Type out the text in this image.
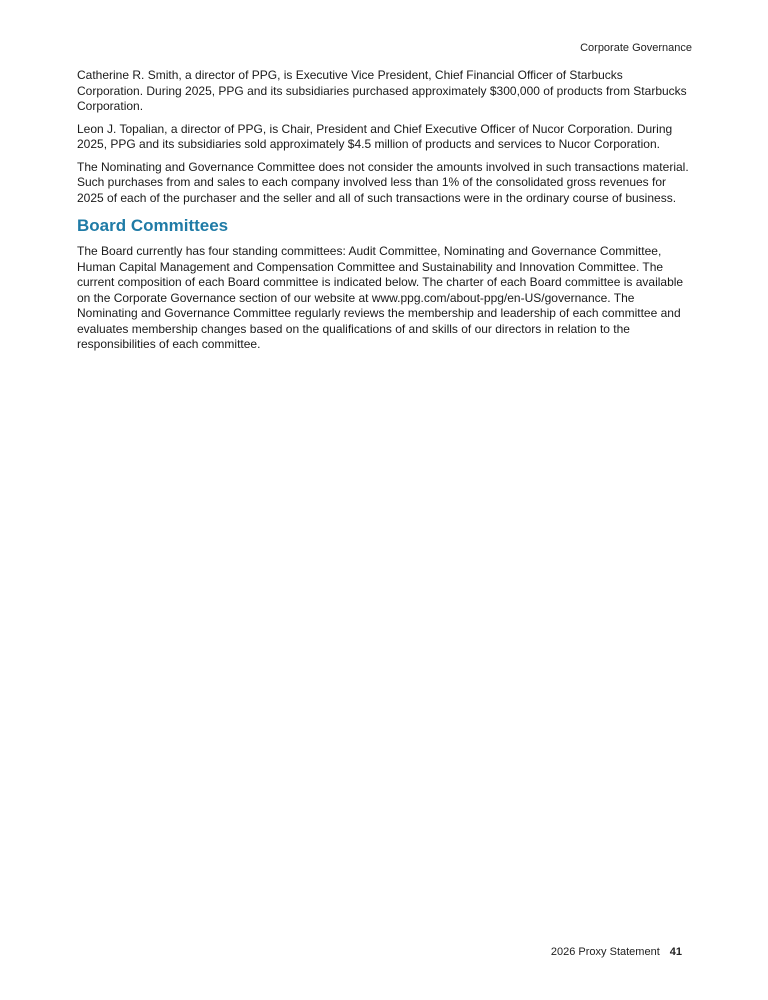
Corporate Governance

Catherine R. Smith, a director of PPG, is Executive Vice President, Chief Financial Officer of Starbucks Corporation. During 2025, PPG and its subsidiaries purchased approximately $300,000 of products from Starbucks Corporation.

Leon J. Topalian, a director of PPG, is Chair, President and Chief Executive Officer of Nucor Corporation. During 2025, PPG and its subsidiaries sold approximately $4.5 million of products and services to Nucor Corporation.

The Nominating and Governance Committee does not consider the amounts involved in such transactions material. Such purchases from and sales to each company involved less than 1% of the consolidated gross revenues for 2025 of each of the purchaser and the seller and all of such transactions were in the ordinary course of business.

Board Committees

The Board currently has four standing committees: Audit Committee, Nominating and Governance Committee, Human Capital Management and Compensation Committee and Sustainability and Innovation Committee. The current composition of each Board committee is indicated below. The charter of each Board committee is available on the Corporate Governance section of our website at www.ppg.com/about-ppg/en-US/governance. The Nominating and Governance Committee regularly reviews the membership and leadership of each committee and evaluates membership changes based on the qualifications of and skills of our directors in relation to the responsibilities of each committee.

2026 Proxy Statement 41
